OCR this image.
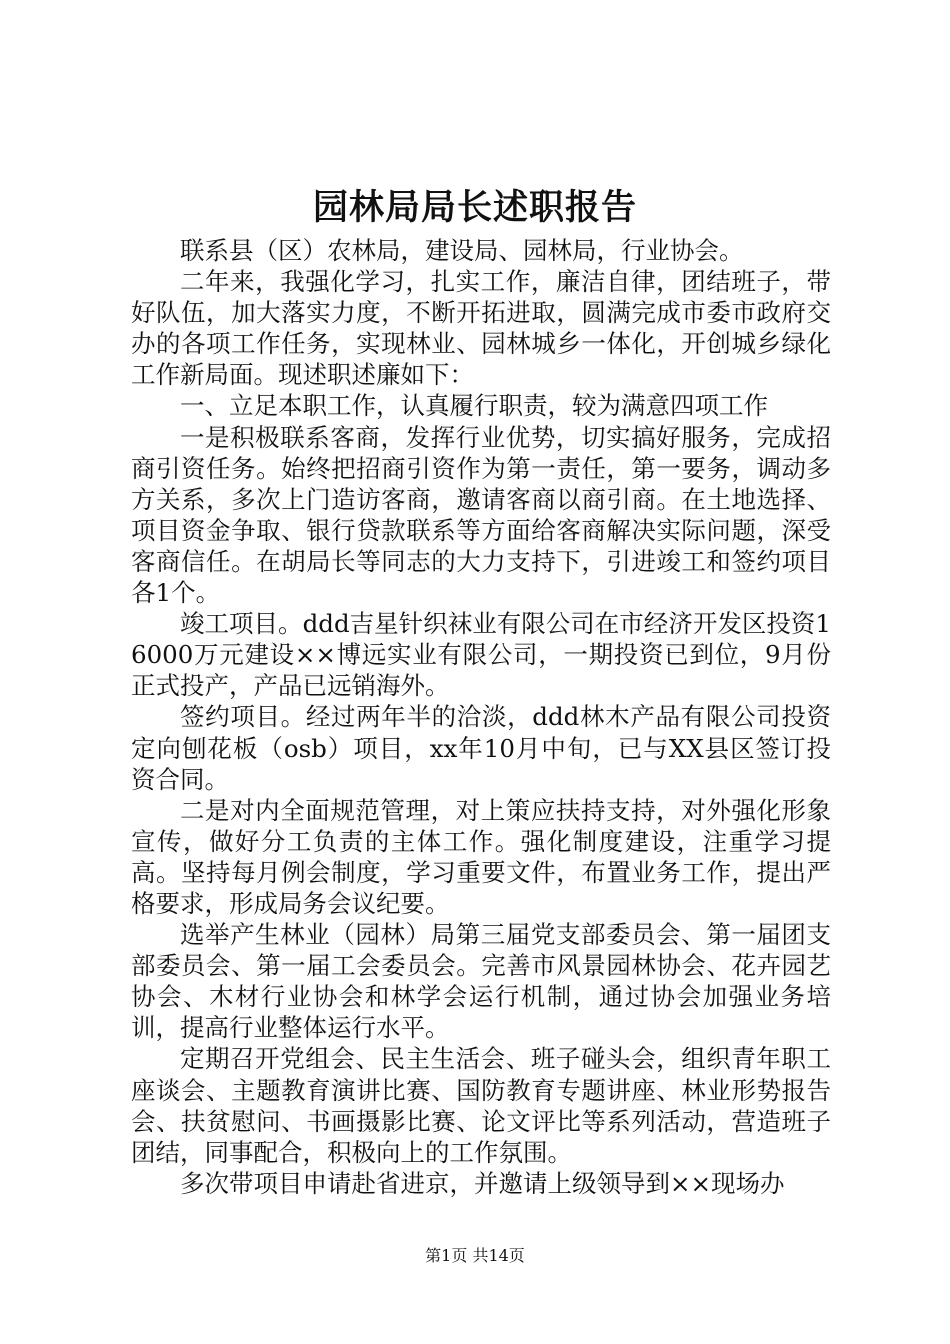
园林局局长述职报告

联系县（区）农林局，建设局、园林局，行业协会。

二年来，我强化学习，扎实工作，廉洁自律，团结班子，带好队伍，加大落实力度，不断开拓进取，圆满完成市委市政府交办的各项工作任务，实现林业、园林城乡一体化，开创城乡绿化工作新局面。现述职述廉如下：

一、立足本职工作，认真履行职责，较为满意四项工作

一是积极联系客商，发挥行业优势，切实搞好服务，完成招商引资任务。始终把招商引资作为第一责任，第一要务，调动多方关系，多次上门造访客商，邀请客商以商引商。在土地选择、项目资金争取、银行贷款联系等方面给客商解决实际问题，深受客商信任。在胡局长等同志的大力支持下，引进竣工和签约项目各1个。

竣工项目。ddd吉星针织袜业有限公司在市经济开发区投资16000万元建设××博远实业有限公司，一期投资已到位，9月份正式投产，产品已远销海外。

签约项目。经过两年半的洽淡，ddd林木产品有限公司投资定向刨花板（osb）项目，xx年10月中旬，已与XX县区签订投资合同。

二是对内全面规范管理，对上策应扶持支持，对外强化形象宣传，做好分工负责的主体工作。强化制度建设，注重学习提高。坚持每月例会制度，学习重要文件，布置业务工作，提出严格要求，形成局务会议纪要。

选举产生林业（园林）局第三届党支部委员会、第一届团支部委员会、第一届工会委员会。完善市风景园林协会、花卉园艺协会、木材行业协会和林学会运行机制，通过协会加强业务培训，提高行业整体运行水平。

定期召开党组会、民主生活会、班子碰头会，组织青年职工座谈会、主题教育演讲比赛、国防教育专题讲座、林业形势报告会、扶贫慰问、书画摄影比赛、论文评比等系列活动，营造班子团结，同事配合，积极向上的工作氛围。

多次带项目申请赴省进京，并邀请上级领导到××现场办

第1页 共14页
